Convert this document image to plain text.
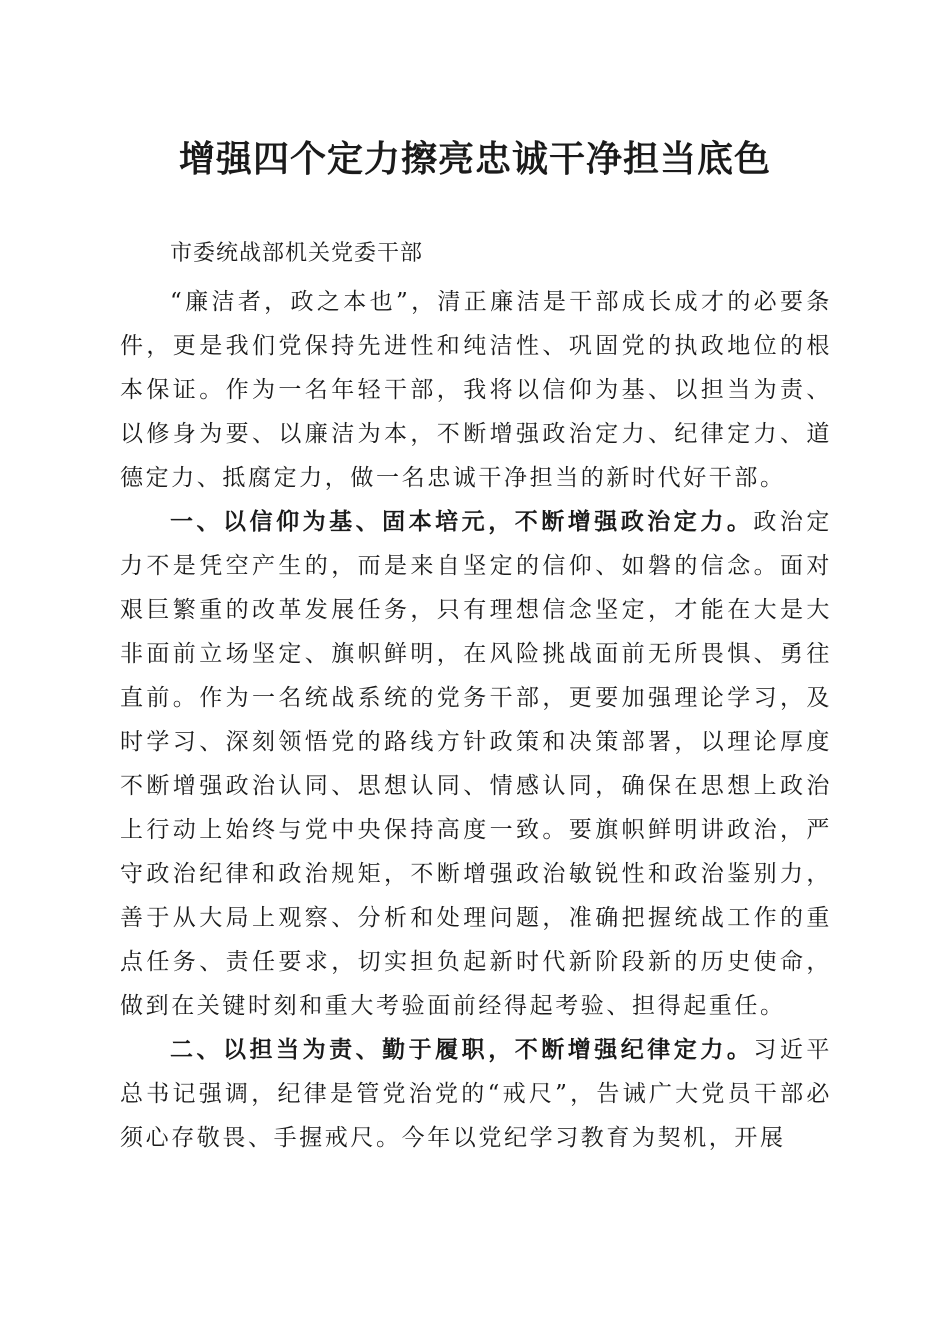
增强四个定力擦亮忠诚干净担当底色

市委统战部机关党委干部

“廉洁者，政之本也”，清正廉洁是干部成长成才的必要条件，更是我们党保持先进性和纯洁性、巩固党的执政地位的根本保证。作为一名年轻干部，我将以信仰为基、以担当为责、以修身为要、以廉洁为本，不断增强政治定力、纪律定力、道德定力、抵腐定力，做一名忠诚干净担当的新时代好干部。

一、以信仰为基、固本培元，不断增强政治定力。政治定力不是凭空产生的，而是来自坚定的信仰、如磐的信念。面对艰巨繁重的改革发展任务，只有理想信念坚定，才能在大是大非面前立场坚定、旗帜鲜明，在风险挑战面前无所畏惧、勇往直前。作为一名统战系统的党务干部，更要加强理论学习，及时学习、深刻领悟党的路线方针政策和决策部署，以理论厚度不断增强政治认同、思想认同、情感认同，确保在思想上政治上行动上始终与党中央保持高度一致。要旗帜鲜明讲政治，严守政治纪律和政治规矩，不断增强政治敏锐性和政治鉴别力，善于从大局上观察、分析和处理问题，准确把握统战工作的重点任务、责任要求，切实担负起新时代新阶段新的历史使命，做到在关键时刻和重大考验面前经得起考验、担得起重任。

二、以担当为责、勤于履职，不断增强纪律定力。习近平总书记强调，纪律是管党治党的“戒尺”，告诫广大党员干部必须心存敬畏、手握戒尺。今年以党纪学习教育为契机，开展
